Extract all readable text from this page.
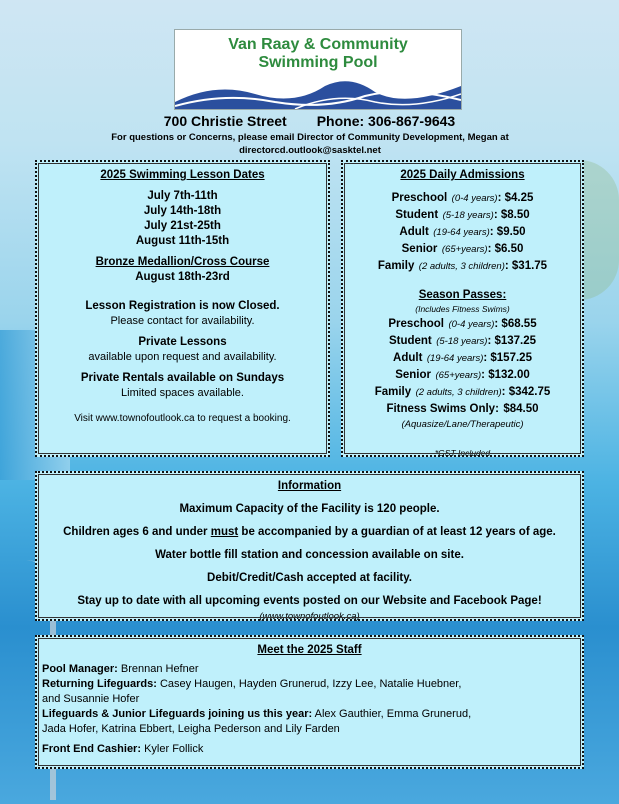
Van Raay & Community
Swimming Pool
700 Christie Street Phone: 306-867-9643
For questions or Concerns, please email Director of Community Development, Megan at
directorcd.outlook@sasktel.net
2025 Swimming Lesson Dates
July 7th-11th
July 14th-18th
July 21st-25th
August 11th-15th
Bronze Medallion/Cross Course
August 18th-23rd
Lesson Registration is now Closed.
Please contact for availability.
Private Lessons
available upon request and availability.
Private Rentals available on Sundays
Limited spaces available.
Visit www.townofoutlook.ca to request a booking.
2025 Daily Admissions
Preschool (0-4 years): $4.25
Student (5-18 years): $8.50
Adult (19-64 years): $9.50
Senior (65+years): $6.50
Family (2 adults, 3 children): $31.75
Season Passes:
(Includes Fitness Swims)
Preschool (0-4 years): $68.55
Student (5-18 years): $137.25
Adult (19-64 years): $157.25
Senior (65+years): $132.00
Family (2 adults, 3 children): $342.75
Fitness Swims Only: $84.50
(Aquasize/Lane/Therapeutic)
*GST Included
Information
Maximum Capacity of the Facility is 120 people.
Children ages 6 and under must be accompanied by a guardian of at least 12 years of age.
Water bottle fill station and concession available on site.
Debit/Credit/Cash accepted at facility.
Stay up to date with all upcoming events posted on our Website and Facebook Page!
(www.townofoutlook.ca)
Meet the 2025 Staff

Pool Manager: Brennan Hefner

Returning Lifeguards: Casey Haugen, Hayden Grunerud, Izzy Lee, Natalie Huebner,

and Susannie Hofer

Lifeguards & Junior Lifeguards joining us this year: Alex Gauthier, Emma Grunerud,

Jada Hofer, Katrina Ebbert, Leigha Pederson and Lily Farden

Front End Cashier: Kyler Follick
